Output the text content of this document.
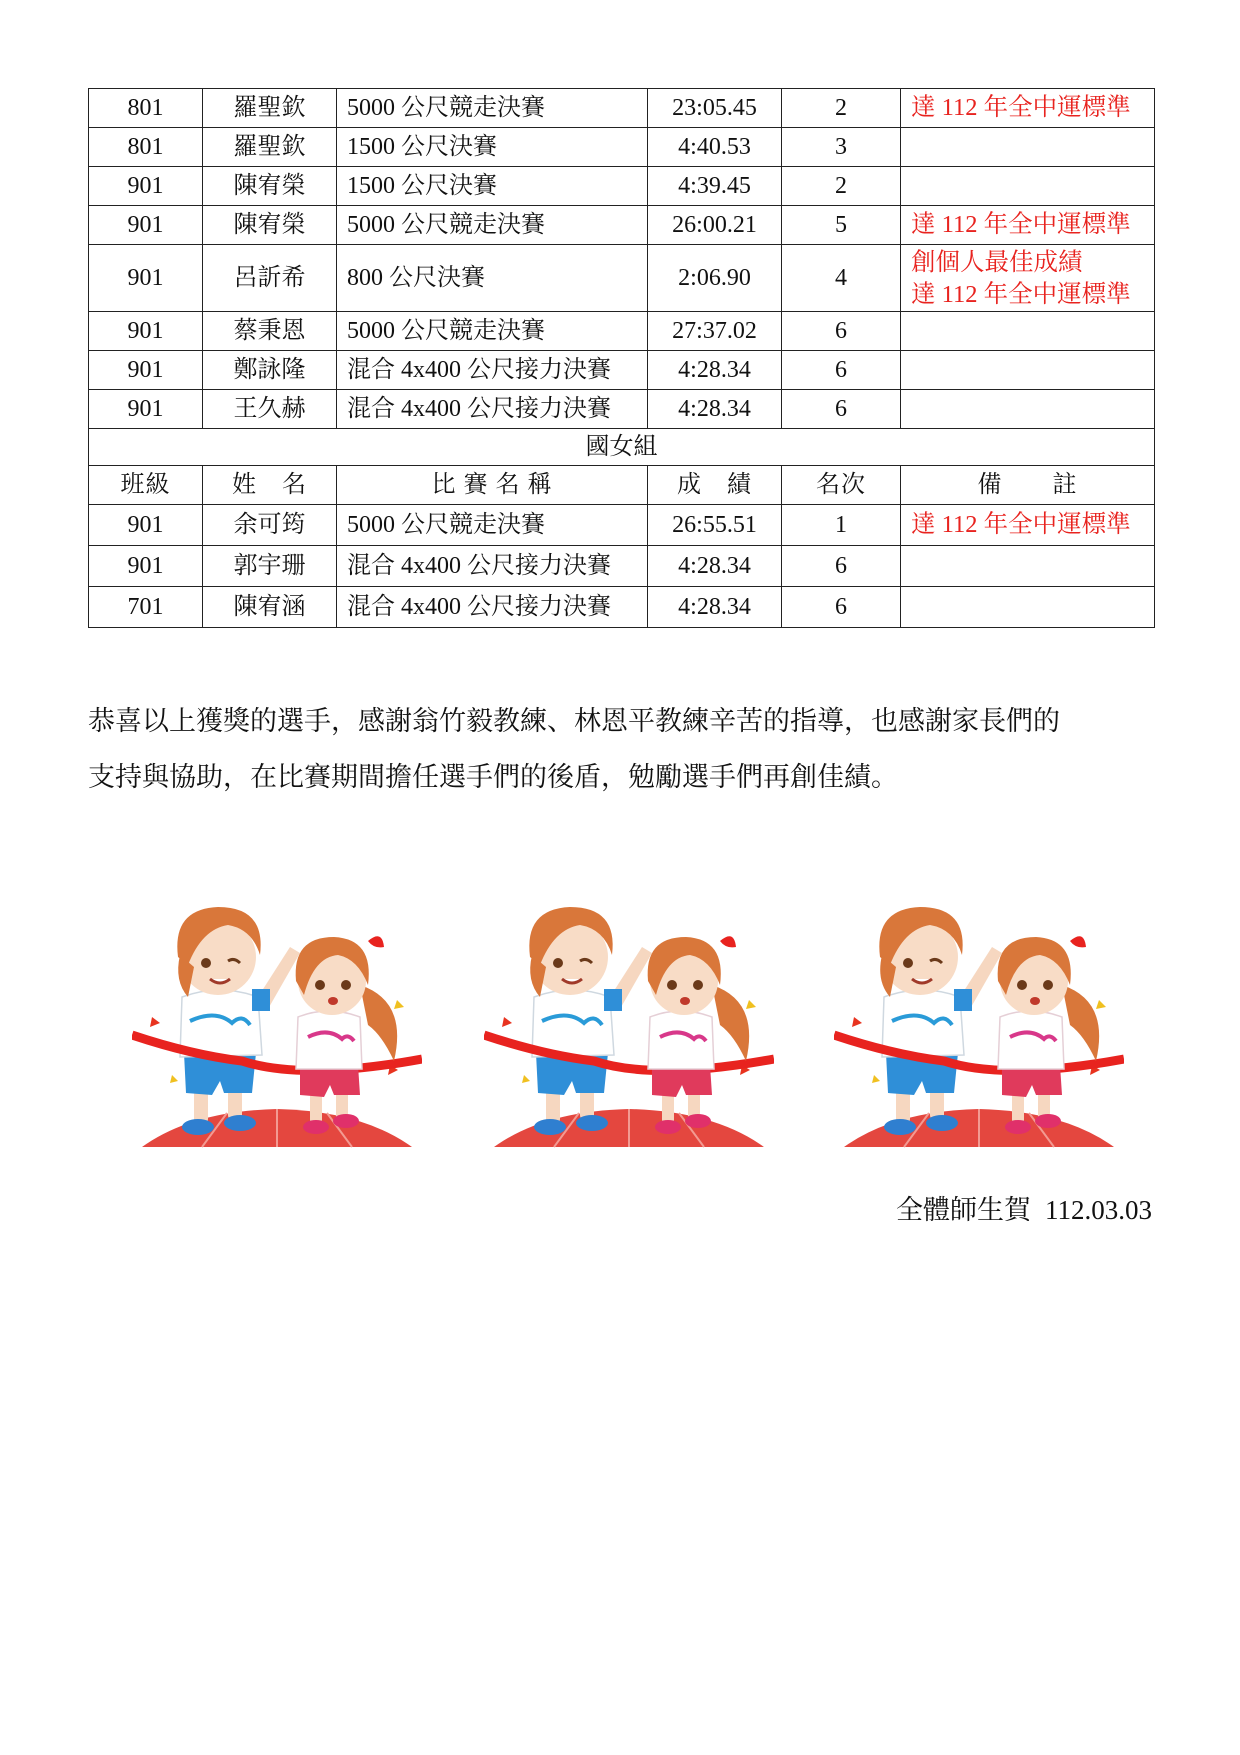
801	羅聖欽	5000 公尺競走決賽	23:05.45	2	達 112 年全中運標準

801	羅聖欽	1500 公尺決賽	4:40.53	3	
901	陳宥榮	1500 公尺決賽	4:39.45	2	
901	陳宥榮	5000 公尺競走決賽	26:00.21	5	達 112 年全中運標準

901	呂訢希	800 公尺決賽	2:06.90	4	創個人最佳成績
達 112 年全中運標準

901	蔡秉恩	5000 公尺競走決賽	27:37.02	6	
901	鄭詠隆	混合 4x400 公尺接力決賽	4:28.34	6	
901	王久赫	混合 4x400 公尺接力決賽	4:28.34	6	
國女組					
班級	姓　名	比 賽 名 稱	成　績	名次	備　　註
901	余可筠	5000 公尺競走決賽	26:55.51	1	達 112 年全中運標準

901	郭宇珊	混合 4x400 公尺接力決賽	4:28.34	6	
701	陳宥涵	混合 4x400 公尺接力決賽	4:28.34	6	

恭喜以上獲獎的選手，感謝翁竹毅教練、林恩平教練辛苦的指導，也感謝家長們的
支持與協助，在比賽期間擔任選手們的後盾，勉勵選手們再創佳績。

全體師生賀 112.03.03
